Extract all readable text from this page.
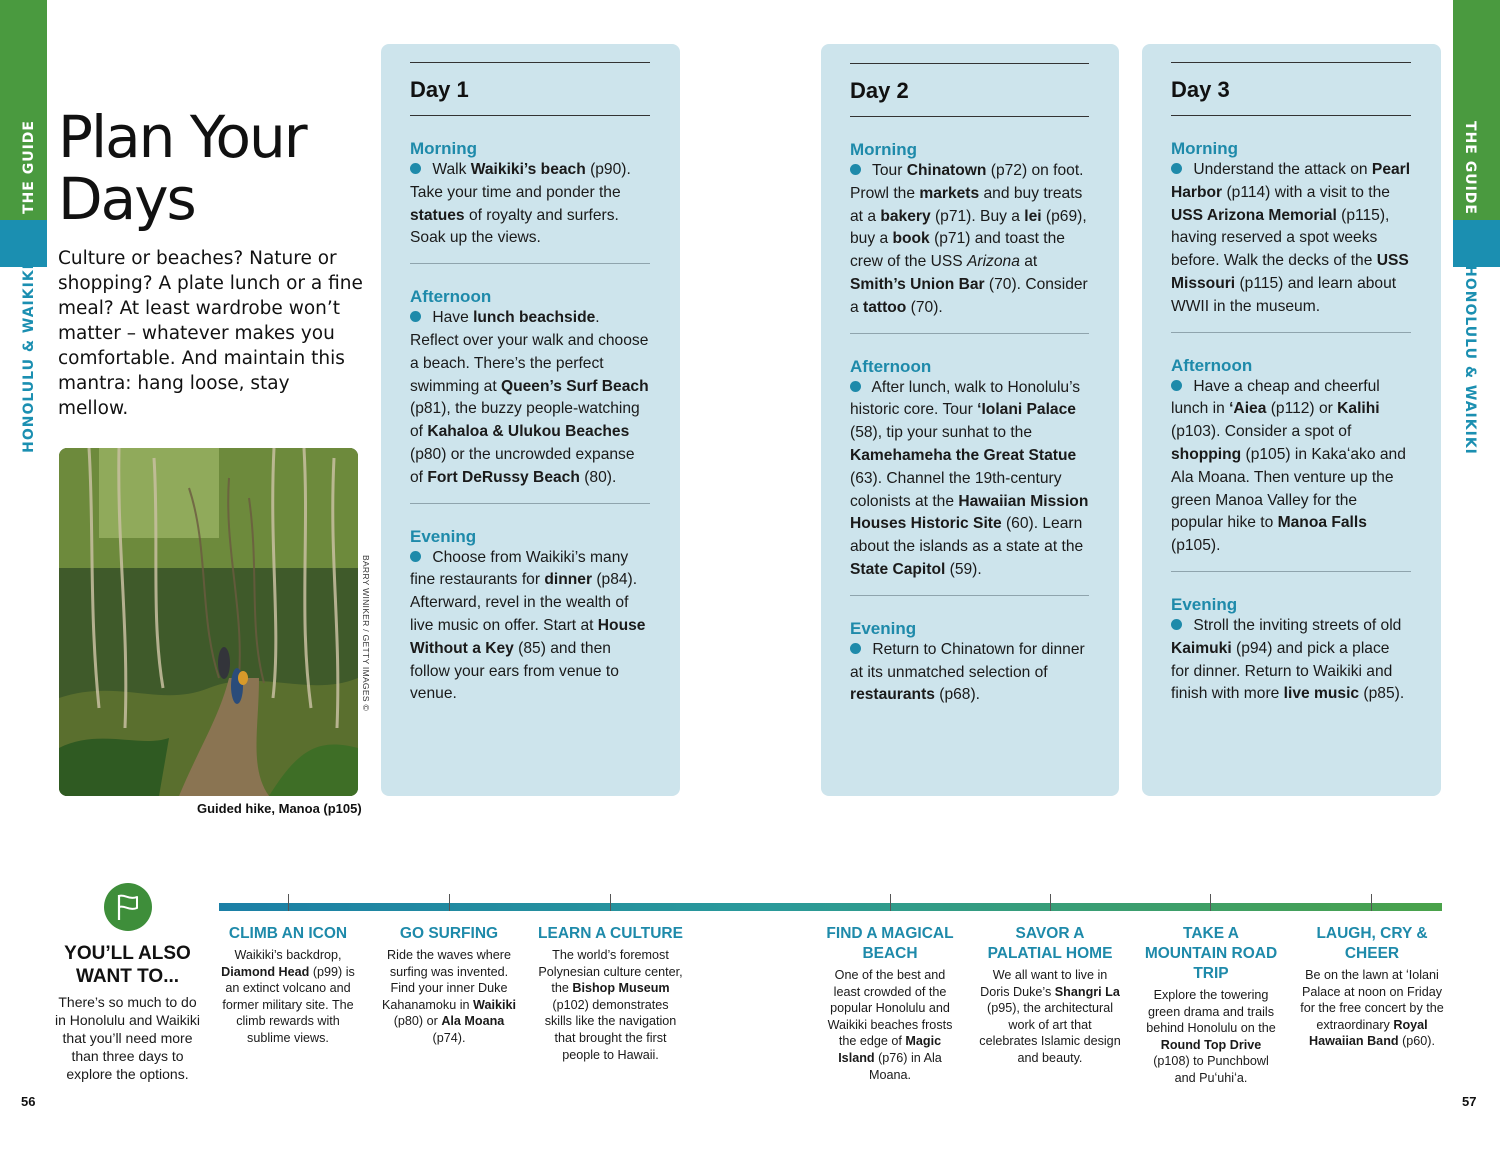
THE GUIDE
HONOLULU & WAIKIKI
THE GUIDE
HONOLULU & WAIKIKI
Plan Your
Days
Culture or beaches? Nature or shopping? A plate lunch or a fine meal? At least wardrobe won’t matter – whatever makes you comfortable. And maintain this mantra: hang loose, stay mellow.
BARRY WINIKER / GETTY IMAGES ©
Guided hike, Manoa (p105)
Day 1
Morning
Walk Waikiki’s beach (p90). Take your time and ponder the statues of royalty and surfers. Soak up the views.
Afternoon
Have lunch beachside. Reflect over your walk and choose a beach. There’s the perfect swimming at Queen’s Surf Beach (p81), the buzzy people-watching of Kahaloa & Ulukou Beaches (p80) or the uncrowded expanse of Fort DeRussy Beach (80).
Evening
Choose from Waikiki’s many fine restaurants for dinner (p84). Afterward, revel in the wealth of live music on offer. Start at House Without a Key (85) and then follow your ears from venue to venue.
Day 2
Morning
Tour Chinatown (p72) on foot. Prowl the markets and buy treats at a bakery (p71). Buy a lei (p69), buy a book (p71) and toast the crew of the USS Arizona at Smith’s Union Bar (70). Consider a tattoo (70).
Afternoon
After lunch, walk to Honolulu’s historic core. Tour ʻIolani Palace (58), tip your sunhat to the Kamehameha the Great Statue (63). Channel the 19th-century colonists at the Hawaiian Mission Houses Historic Site (60). Learn about the islands as a state at the State Capitol (59).
Evening
Return to Chinatown for dinner at its unmatched selection of restaurants (p68).
Day 3
Morning
Understand the attack on Pearl Harbor (p114) with a visit to the USS Arizona Memorial (p115), having reserved a spot weeks before. Walk the decks of the USS Missouri (p115) and learn about WWII in the museum.
Afternoon
Have a cheap and cheerful lunch in ʻAiea (p112) or Kalihi (p103). Consider a spot of shopping (p105) in Kakaʻako and Ala Moana. Then venture up the green Manoa Valley for the popular hike to Manoa Falls (p105).
Evening
Stroll the inviting streets of old Kaimuki (p94) and pick a place for dinner. Return to Waikiki and finish with more live music (p85).
YOU’LL ALSO
WANT TO...
There’s so much to do in Honolulu and Waikiki that you’ll need more than three days to explore the options.
CLIMB AN ICON
Waikiki’s backdrop, Diamond Head (p99) is an extinct volcano and former military site. The climb rewards with sublime views.
GO SURFING
Ride the waves where surfing was invented. Find your inner Duke Kahanamoku in Waikiki (p80) or Ala Moana (p74).
LEARN A CULTURE
The world’s foremost Polynesian culture center, the Bishop Museum (p102) demonstrates skills like the navigation that brought the first people to Hawaii.
FIND A MAGICAL BEACH
One of the best and least crowded of the popular Honolulu and Waikiki beaches frosts the edge of Magic Island (p76) in Ala Moana.
SAVOR A PALATIAL HOME
We all want to live in Doris Duke’s Shangri La (p95), the architectural work of art that celebrates Islamic design and beauty.
TAKE A MOUNTAIN ROAD TRIP
Explore the towering green drama and trails behind Honolulu on the Round Top Drive (p108) to Punchbowl and Puʻuhiʻa.
LAUGH, CRY & CHEER
Be on the lawn at ʻIolani Palace at noon on Friday for the free concert by the extraordinary Royal Hawaiian Band (p60).
56	57
